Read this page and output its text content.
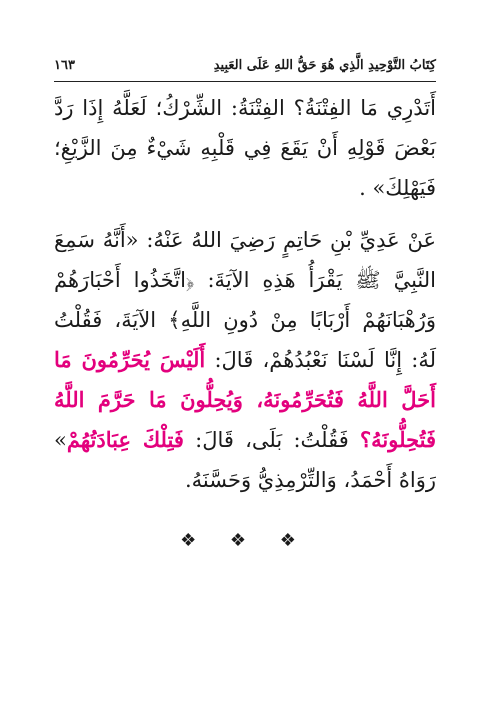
كِتَابُ التَّوْحِيدِ الَّذِي هُوَ حَقُّ اللهِ عَلَى العَبِيدِ
١٦٣
أَتَدْرِي مَا الفِتْنَةُ؟ الفِتْنَةُ: الشِّرْكُ؛ لَعَلَّهُ إِذَا رَدَّ
بَعْضَ قَوْلِهِ أَنْ يَقَعَ فِي قَلْبِهِ شَيْءٌ مِنَ الزَّيْغِ؛
فَيَهْلِكَ» .
عَنْ عَدِيِّ بْنِ حَاتِمٍ رَضِيَ اللهُ عَنْهُ: «أَنَّهُ سَمِعَ
النَّبِيَّ ﷺ يَقْرَأُ هَذِهِ الآيَةَ: ﴿اتَّخَذُوا أَحْبَارَهُمْ
وَرُهْبَانَهُمْ أَرْبَابًا مِنْ دُونِ اللَّهِ﴾ الآيَةَ، فَقُلْتُ
لَهُ: إِنَّا لَسْنَا نَعْبُدُهُمْ، قَالَ: أَلَيْسَ يُحَرِّمُونَ مَا
أَحَلَّ اللَّهُ فَتُحَرِّمُونَهُ، وَيُحِلُّونَ مَا حَرَّمَ اللَّهُ
فَتُحِلُّونَهُ؟ فَقُلْتُ: بَلَى، قَالَ: فَتِلْكَ عِبَادَتُهُمْ»
رَوَاهُ أَحْمَدُ، وَالتِّرْمِذِيُّ وَحَسَّنَهُ.
❖ ❖ ❖
